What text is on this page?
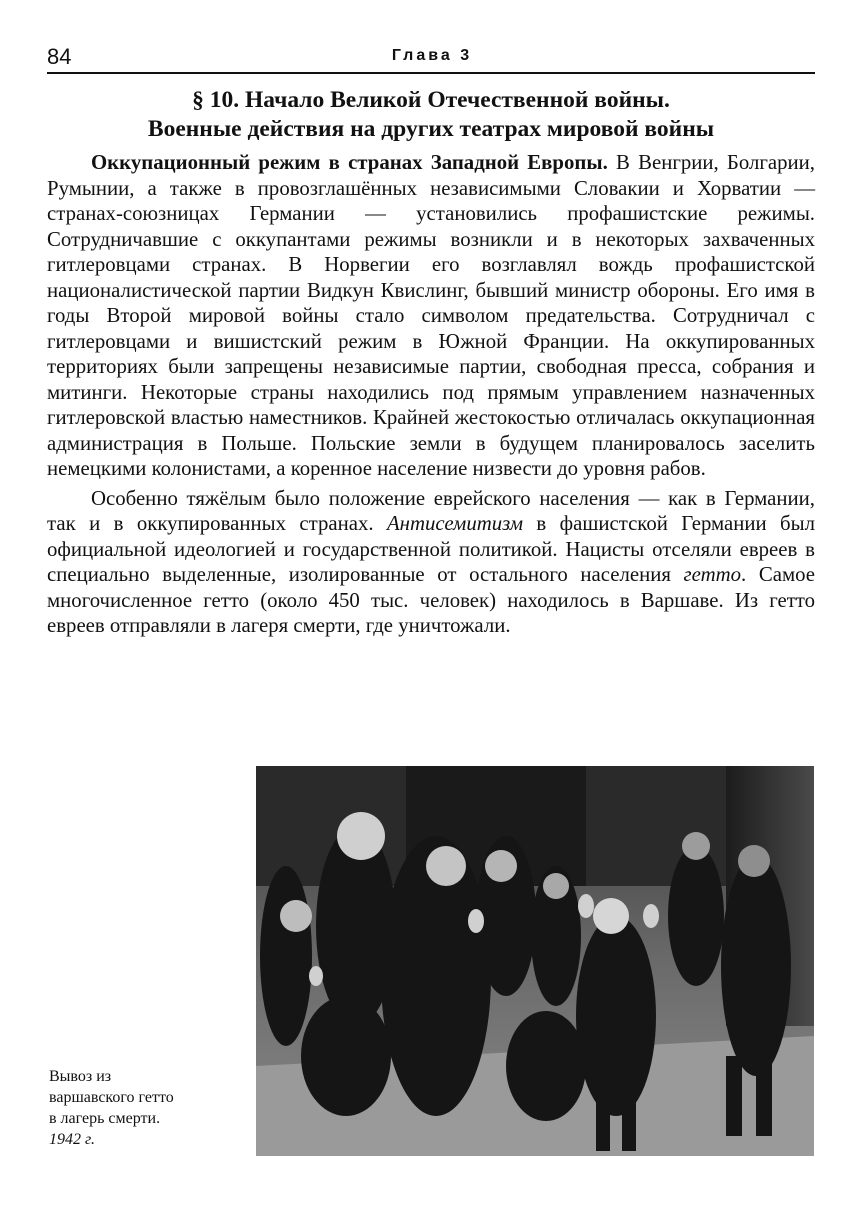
84	Глава 3
§ 10. Начало Великой Отечественной войны.
Военные действия на других театрах мировой войны

Оккупационный режим в странах Западной Европы. В Венгрии, Болгарии, Румынии, а также в провозглашённых независимыми Словакии и Хорватии — странах-союзницах Германии — установились профашистские режимы. Сотрудничавшие с оккупантами режимы возникли и в некоторых захваченных гитлеровцами странах. В Норвегии его возглавлял вождь профашистской националистической партии Видкун Квислинг, бывший министр обороны. Его имя в годы Второй мировой войны стало символом предательства. Сотрудничал с гитлеровцами и вишистский режим в Южной Франции. На оккупированных территориях были запрещены независимые партии, свободная пресса, собрания и митинги. Некоторые страны находились под прямым управлением назначенных гитлеровской властью наместников. Крайней жестокостью отличалась оккупационная администрация в Польше. Польские земли в будущем планировалось заселить немецкими колонистами, а коренное население низвести до уровня рабов.

Особенно тяжёлым было положение еврейского населения — как в Германии, так и в оккупированных странах. Антисемитизм в фашистской Германии был официальной идеологией и государственной политикой. Нацисты отселяли евреев в специально выделенные, изолированные от остального населения гетто. Самое многочисленное гетто (около 450 тыс. человек) находилось в Варшаве. Из гетто евреев отправляли в лагеря смерти, где уничтожали.

Вывоз из
варшавского гетто
в лагерь смерти.
1942 г.
